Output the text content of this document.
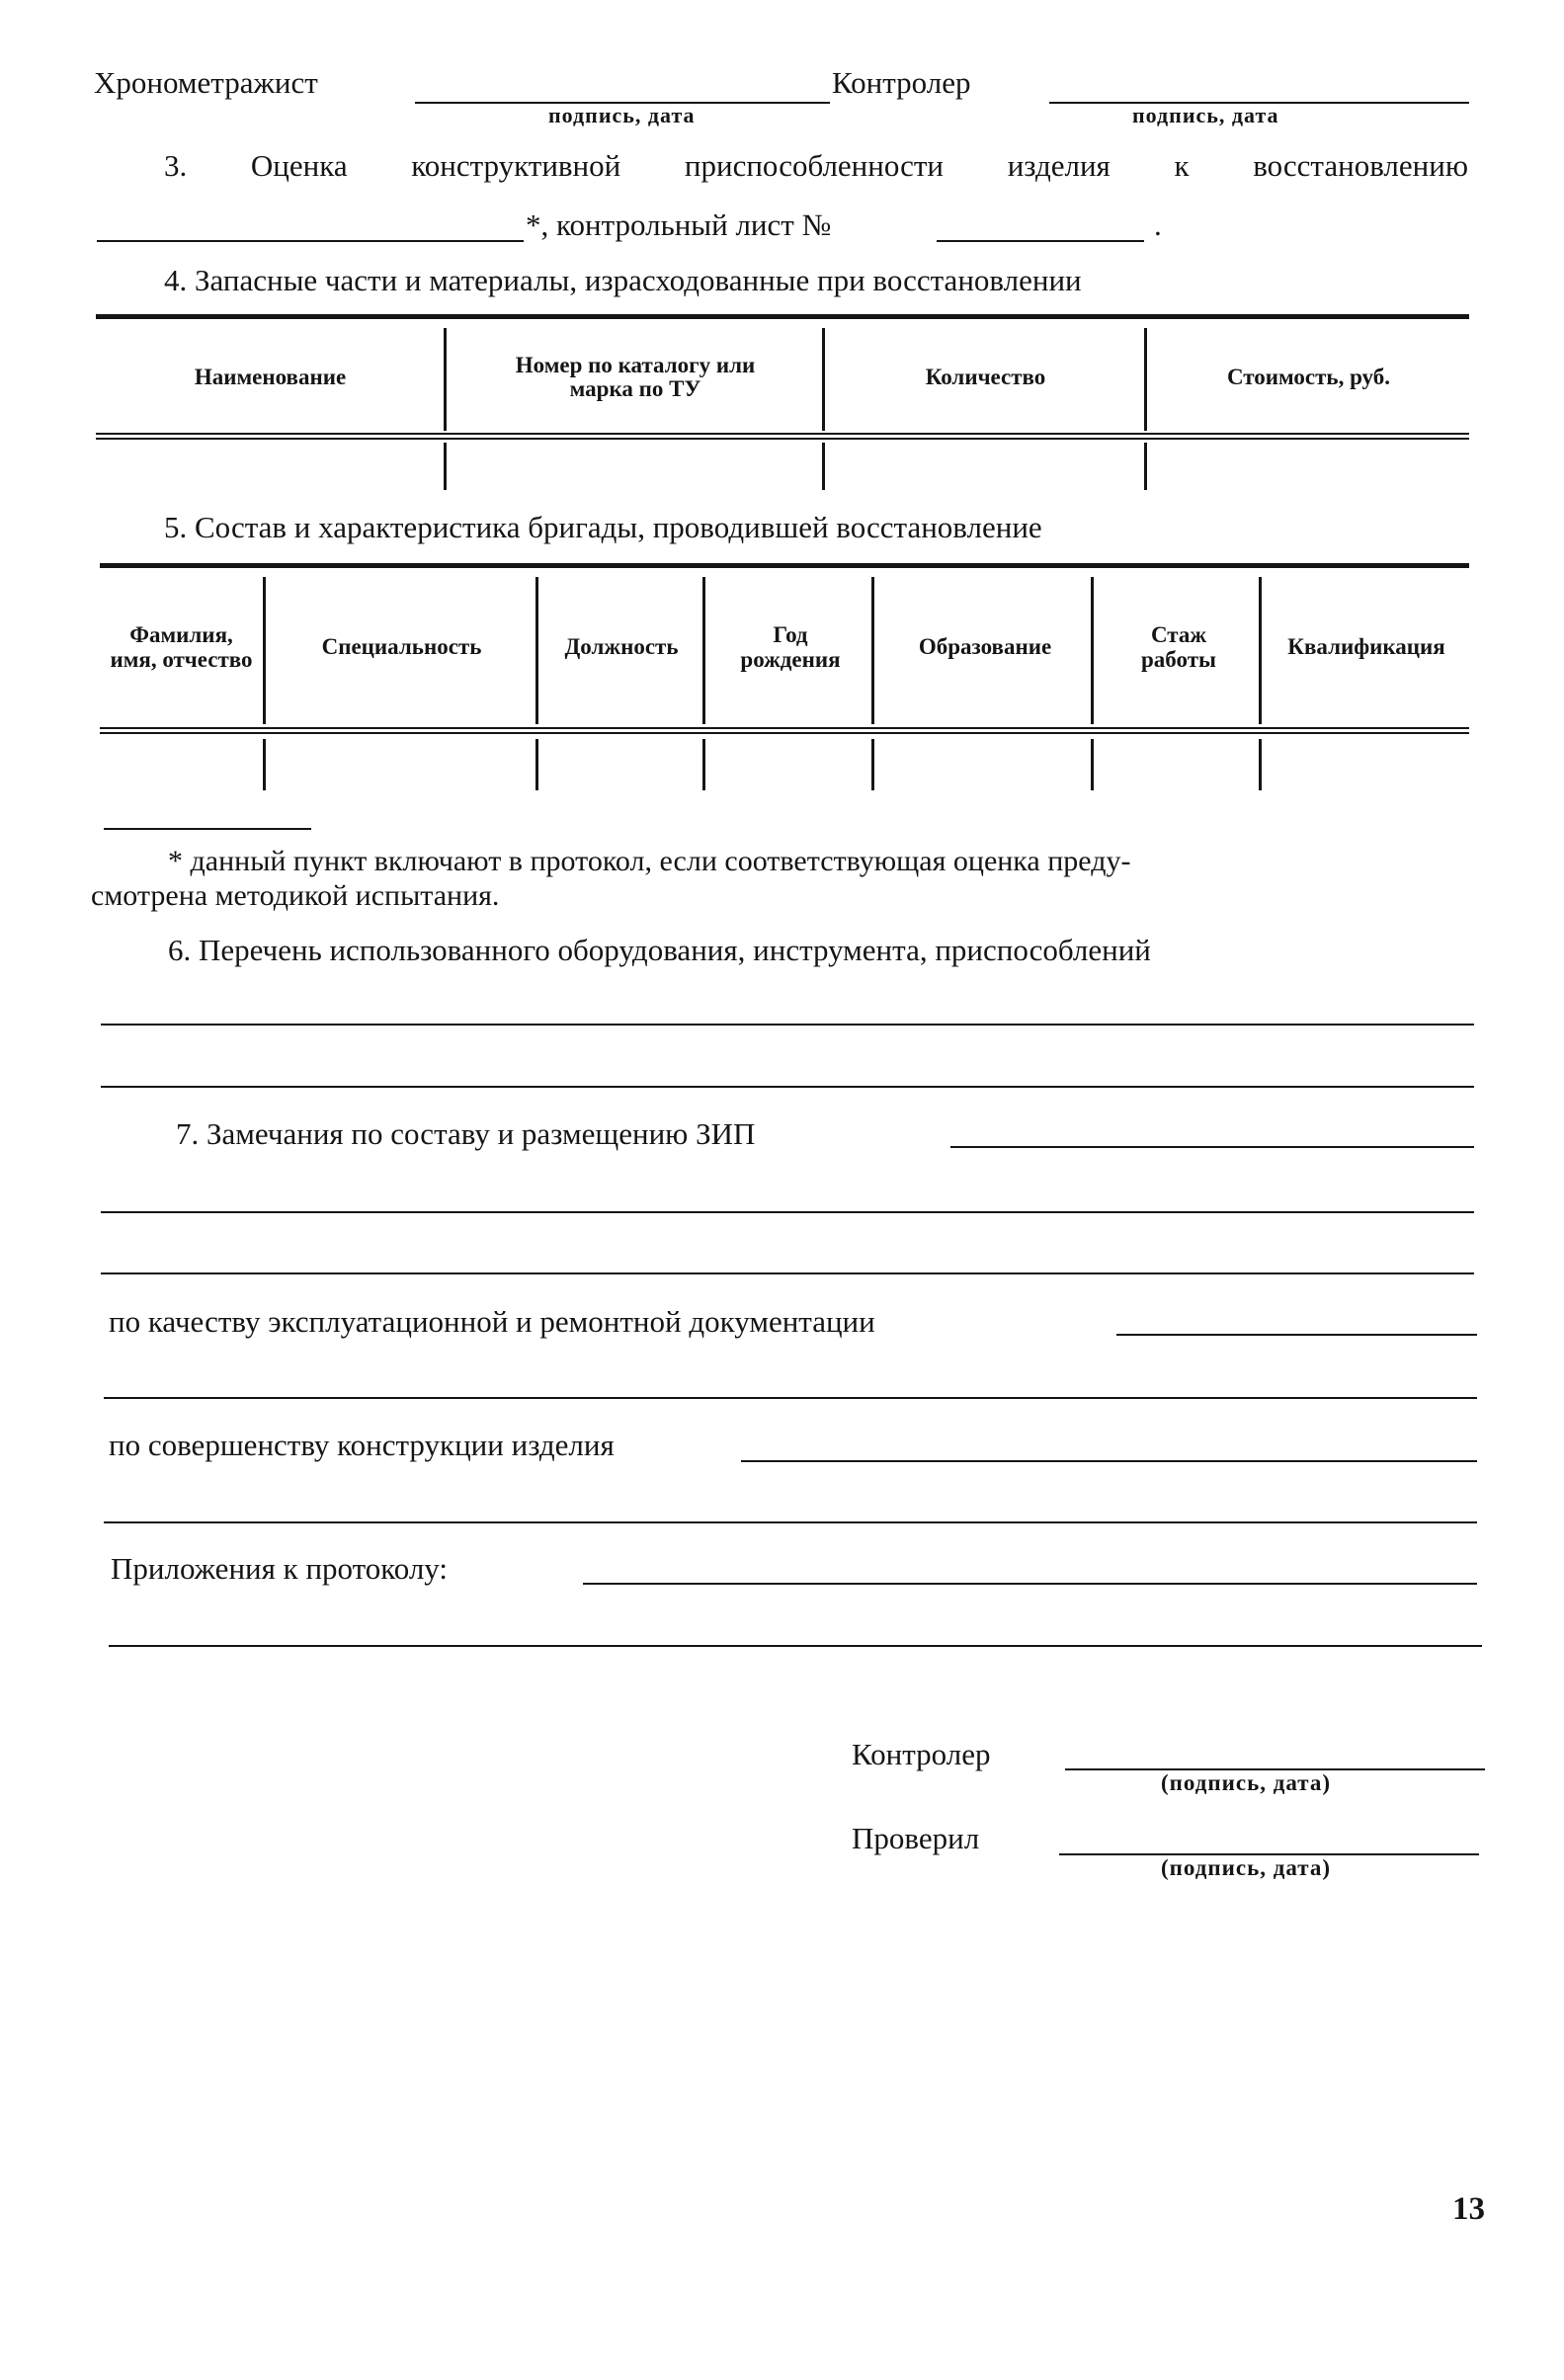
Хронометражист
подпись, дата
Контролер
подпись, дата
3. Оценка конструктивной приспособленности изделия к восстановлению
*, контрольный лист №	.
4. Запасные части и материалы, израсходованные при восстановлении
Наименование	Номер по каталогу или марка по ТУ	Количество	Стоимость, руб.
5. Состав и характеристика бригады, проводившей восстановление
Фамилия, имя, отчество	Специальность	Должность	Год рождения	Образование	Стаж работы	Квалификация
* данный пункт включают в протокол, если соответствующая оценка преду-
смотрена методикой испытания.
6. Перечень использованного оборудования, инструмента, приспособлений
7. Замечания по составу и размещению ЗИП
по качеству эксплуатационной и ремонтной документации
по совершенству конструкции изделия
Приложения к протоколу:
Контролер
(подпись, дата)
Проверил
(подпись, дата)
13
